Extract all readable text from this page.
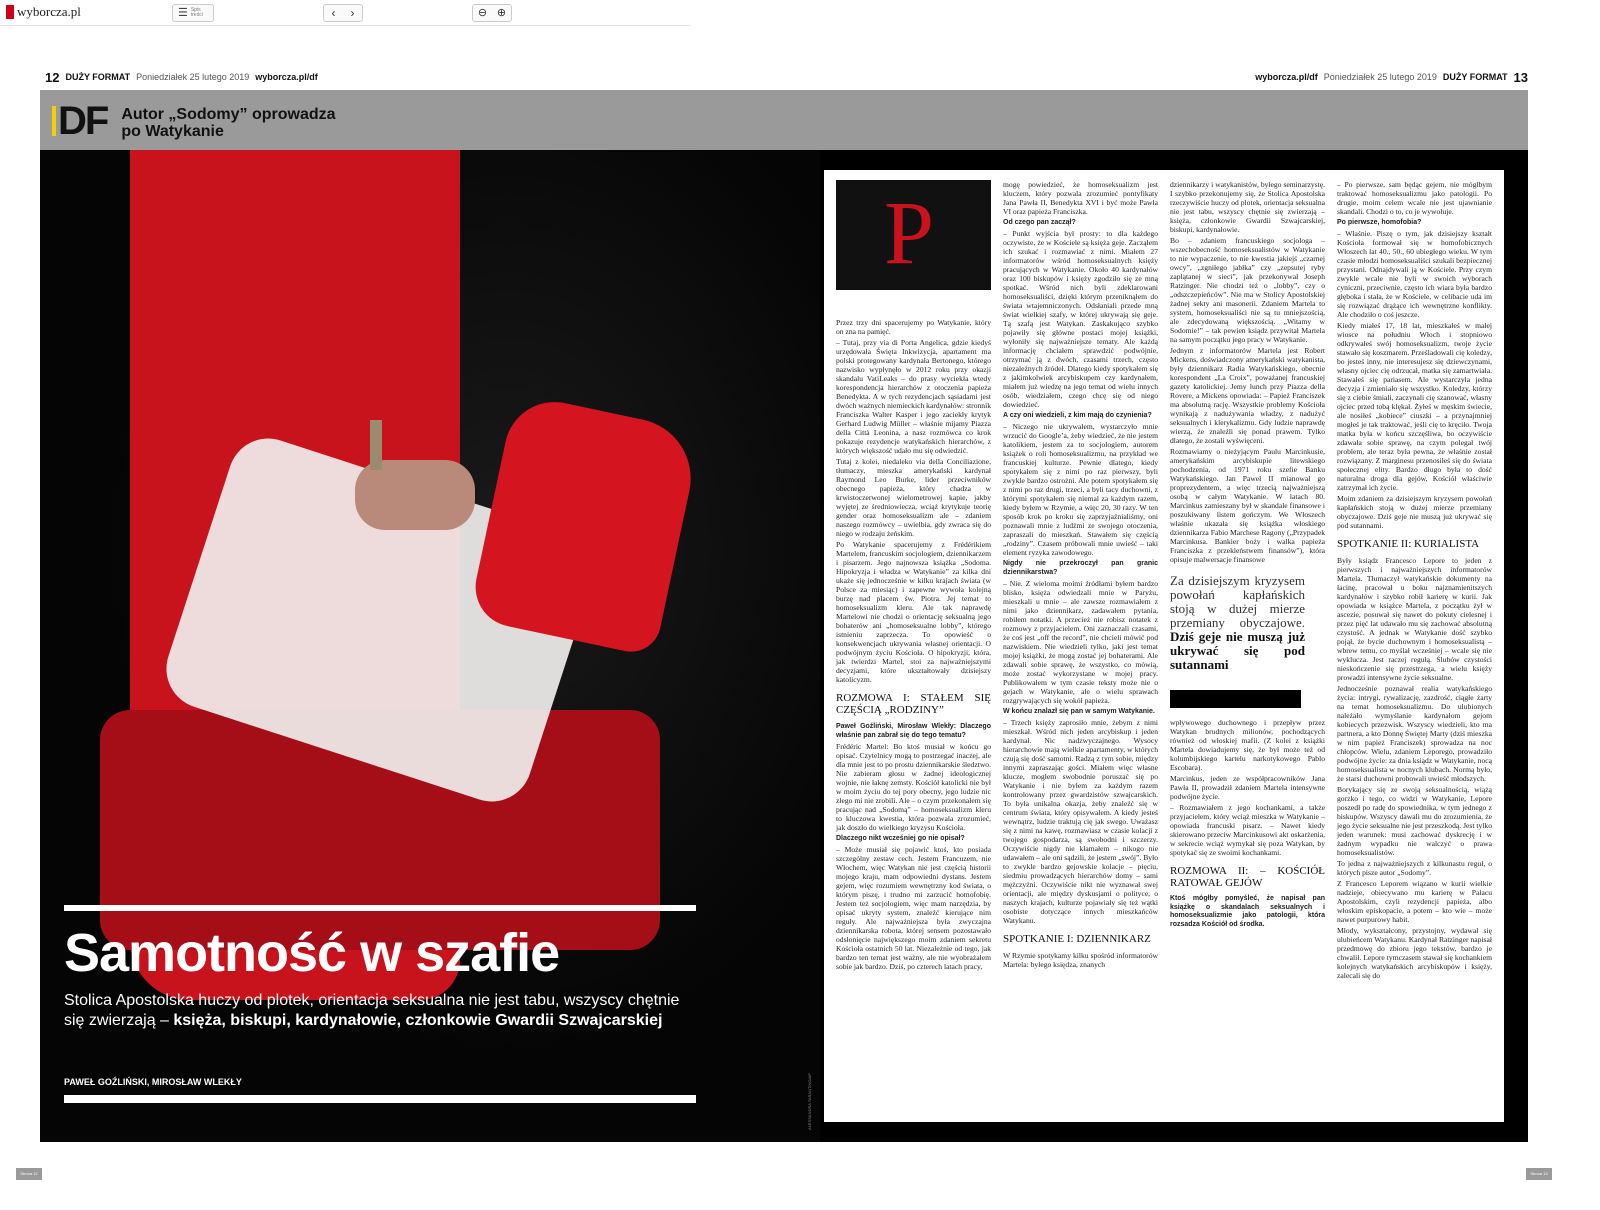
wyborcza.pl	☰ Spis treści	‹	›	⊖ ⊕
12 DUŻY FORMAT Poniedziałek 25 lutego 2019 wyborcza.pl/df	wyborcza.pl/df Poniedziałek 25 lutego 2019 DUŻY FORMAT 13
DF Autor „Sodomy” oprowadza po Watykanie
Samotność w szafie
Stolica Apostolska huczy od plotek, orientacja seksualna nie jest tabu, wszyscy chętnie się zwierzają – księża, biskupi, kardynałowie, członkowie Gwardii Szwajcarskiej
PAWEŁ GOŹLIŃSKI, MIROSŁAW WLEKŁY	ALESSANDRA TARANTINO/AP
P

Przez trzy dni spacerujemy po Watykanie, który on zna na pamięć.

– Tutaj, przy via di Porta Angelica, gdzie kiedyś urzędowała Święta Inkwizycja, apartament ma polski protegowany kardynała Bertonego, którego nazwisko wypłynęło w 2012 roku przy okazji skandalu VatiLeaks – do prasy wyciekła wtedy korespondencja hierarchów z otoczenia papieża Benedykta. A w tych rezydencjach sąsiadami jest dwóch ważnych niemieckich kardynałów: stronnik Franciszka Walter Kasper i jego zaciekły krytyk Gerhard Ludwig Müller – właśnie mijamy Piazza della Città Leonina, a nasz rozmówca co krok pokazuje rezydencje watykańskich hierarchów, z których większość udało mu się odwiedzić.

Tutaj z kolei, niedaleko via della Conciliazione, tłumaczy, mieszka amerykański kardynał Raymond Leo Burke, lider przeciwników obecnego papieża, który chadza w krwistoczerwonej wielometrowej kapie, jakby wyjętej ze średniowiecza, wciąż krytykuje teorię gender oraz homoseksualizm ale – zdaniem naszego rozmówcy – uwielbia, gdy zwraca się do niego w rodzaju żeńskim.

Po Watykanie spacerujemy z Frédérikiem Martelem, francuskim socjologiem, dziennikarzem i pisarzem. Jego najnowsza książka „Sodoma. Hipokryzja i władza w Watykanie” za kilka dni ukaże się jednocześnie w kilku krajach świata (w Polsce za miesiąc) i zapewne wywoła kolejną burzę nad placem św. Piotra. Jej temat to homoseksualizm kleru. Ale tak naprawdę Martelowi nie chodzi o orientację seksualną jego bohaterów ani „homoseksualne lobby”, którego istnieniu zaprzecza. To opowieść o konsekwencjach ukrywania własnej orientacji. O podwójnym życiu Kościoła. O hipokryzji, która, jak twierdzi Martel, stoi za najważniejszymi decyzjami, które ukształtowały dzisiejszy katolicyzm.

ROZMOWA I: STAŁEM SIĘ CZĘŚCIĄ „RODZINY”

Paweł Goźliński, Mirosław Wlekły: Dlaczego właśnie pan zabrał się do tego tematu?

Frédéric Martel: Bo ktoś musiał w końcu go opisać. Czytelnicy mogą to postrzegać inaczej, ale dla mnie jest to po prostu dziennikarskie śledztwo. Nie zabieram głosu w żadnej ideologicznej wojnie, nie łaknę zemsty. Kościół katolicki nie był w moim życiu do tej pory obecny, jego ludzie nic złego mi nie zrobili. Ale – o czym przekonałem się pracując nad „Sodomą” – homoseksualizm kleru to kluczowa kwestia, która pozwala zrozumieć, jak doszło do wielkiego kryzysu Kościoła.

Dlaczego nikt wcześniej go nie opisał?

– Może musiał się pojawić ktoś, kto posiada szczególny zestaw cech. Jestem Francuzem, nie Włochem, więc Watykan nie jest częścią historii mojego kraju, mam odpowiedni dystans. Jestem gejem, więc rozumiem wewnętrzny kod świata, o którym piszę, i trudno mi zarzucić homofobię. Jestem też socjologiem, więc mam narzędzia, by opisać ukryty system, znaleźć kierujące nim reguły. Ale najważniejsza była zwyczajna dziennikarska robota, której sensem pozostawało odsłonięcie największego moim zdaniem sekretu Kościoła ostatnich 50 lat. Niezależnie od tego, jak bardzo ten temat jest ważny, ale nie wyobrażałem sobie jak bardzo. Dziś, po czterech latach pracy,

mogę powiedzieć, że homoseksualizm jest kluczem, który pozwala zrozumieć pontyfikaty Jana Pawła II, Benedykta XVI i być może Pawła VI oraz papieża Franciszka.

Od czego pan zaczął?

– Punkt wyjścia był prosty: to dla każdego oczywiste, że w Kościele są księża geje. Zacząłem ich szukać i rozmawiać z nimi. Miałem 27 informatorów wśród homoseksualnych księży pracujących w Watykanie. Około 40 kardynałów oraz 100 biskupów i księży zgodziło się ze mną spotkać. Wśród nich byli zdeklarowani homoseksualiści, dzięki którym przeniknąłem do świata wtajemniczonych. Odsłaniali przede mną świat wielkiej szafy, w której ukrywają się geje. Tą szafą jest Watykan. Zaskakująco szybko pojawiły się główne postaci mojej książki, wyłoniły się najważniejsze tematy. Ale każdą informację chciałem sprawdzić podwójnie, otrzymać ją z dwóch, czasami trzech, często niezależnych źródeł. Dlatego kiedy spotykałem się z jakimkolwiek arcybiskupem czy kardynałem, miałem już wiedzę na jego temat od wielu innych osób, wiedziałem, czego chcę się od niego dowiedzieć.

A czy oni wiedzieli, z kim mają do czynienia?

– Niczego nie ukrywałem, wystarczyło mnie wrzucić do Google’a, żeby wiedzieć, że nie jestem katolikiem, jestem za to socjologiem, autorem książek o roli homoseksualizmu, na przykład we francuskiej kulturze. Pewnie dlatego, kiedy spotykałem się z nimi po raz pierwszy, byli zwykle bardzo ostrożni. Ale potem spotykałem się z nimi po raz drugi, trzeci, a byli tacy duchowni, z którymi spotykałem się niemal za każdym razem, kiedy byłem w Rzymie, a więc 20, 30 razy. W ten sposób krok po kroku się zaprzyjaźnialiśmy, oni poznawali mnie z ludźmi ze swojego otoczenia, zapraszali do mieszkań. Stawałem się częścią „rodziny”. Czasem próbowali mnie uwieść – taki element ryzyka zawodowego.

Nigdy nie przekroczył pan granic dziennikarstwa?

– Nie. Z wieloma moimi źródłami byłem bardzo blisko, księża odwiedzali mnie w Paryżu, mieszkali u mnie – ale zawsze rozmawiałem z nimi jako dziennikarz, zadawałem pytania, robiłem notatki. A przecież nie robisz notatek z rozmowy z przyjacielem. Oni zaznaczali czasami, że coś jest „off the record”, nie chcieli mówić pod nazwiskiem. Nie wiedzieli tylko, jaki jest temat mojej książki, że mogą zostać jej bohaterami. Ale zdawali sobie sprawę, że wszystko, co mówią, może zostać wykorzystane w mojej pracy. Publikowałem w tym czasie teksty może nie o gejach w Watykanie, ale o wielu sprawach rozgrywających się wokół papieża.

W końcu znalazł się pan w samym Watykanie.

– Trzech księży zaprosiło mnie, żebym z nimi mieszkał. Wśród nich jeden arcybiskup i jeden kardynał. Nic nadzwyczajnego. Wysocy hierarchowie mają wielkie apartamenty, w których czują się dość samotni. Radzą z tym sobie, między innymi zapraszając gości. Miałem więc własne klucze, mogłem swobodnie poruszać się po Watykanie i nie byłem za każdym razem kontrolowany przez gwardzistów szwajcarskich. To była unikalna okazja, żeby znaleźć się w centrum świata, który opisywałem. A kiedy jesteś wewnątrz, ludzie traktują cię jak swego. Uważasz się z nimi na kawę, rozmawiasz w czasie kolacji z twojego gospodarza, są swobodni i szczerzy. Oczywiście nigdy nie kłamałem – nikogo nie udawałem – ale oni sądzili, że jestem „swój”. Było to zwykle bardzo gejowskie kolacje – pięciu, siedmiu prowadzących hierarchów domy – sami mężczyźni. Oczywiście nikt nie wyznawał swej orientacji, ale między dyskusjami o polityce, o naszych krajach, kulturze pojawiały się też wątki osobiste dotyczące innych mieszkańców Watykanu.

SPOTKANIE I: DZIENNIKARZ

W Rzymie spotykamy kilku spośród informatorów Martela: byłego księdza, znanych

dziennikarzy i watykanistów, byłego seminarzystę. I szybko przekonujemy się, że Stolica Apostolska rzeczywiście huczy od plotek, orientacja seksualna nie jest tabu, wszyscy chętnie się zwierzają – księża, członkowie Gwardii Szwajcarskiej, biskupi, kardynałowie.

Bo – zdaniem francuskiego socjologa – wszechobecność homoseksualistów w Watykanie to nie wypaczenie, to nie kwestia jakiejś „czarnej owcy”, „zgniłego jabłka” czy „zepsutej ryby zaplątanej w sieci”, jak przekonywał Joseph Ratzinger. Nie chodzi też o „lobby”, czy o „odszczepieńców”. Nie ma w Stolicy Apostolskiej żadnej sekty ani masonerii. Zdaniem Martela to system, homoseksualiści nie są tu mniejszością, ale zdecydowaną większością. „Witamy w Sodomie!” – tak pewien ksiądz przywitał Martela na samym początku jego pracy w Watykanie.

Jednym z informatorów Martela jest Robert Mickens, doświadczony amerykański watykanista, były dziennikarz Radia Watykańskiego, obecnie korespondent „La Croix”, poważanej francuskiej gazety katolickiej. Jemy lunch przy Piazza della Rovere, a Mickens opowiada: – Papież Franciszek ma absolutną rację. Wszystkie problemy Kościoła wynikają z nadużywania władzy, z nadużyć seksualnych i klerykalizmu. Gdy ludzie naprawdę wierzą, że znaleźli się ponad prawem. Tylko dlatego, że zostali wyświęceni.

Rozmawiamy o nieżyjącym Paulu Marcinkusie, amerykańskim arcybiskupie litewskiego pochodzenia, od 1971 roku szefie Banku Watykańskiego. Jan Paweł II mianował go proprezydentem, a więc trzecią najważniejszą osobą w całym Watykanie. W latach 80. Marcinkus zamieszany był w skandale finansowe i poszukiwany listem gończym. We Włoszech właśnie ukazała się książka włoskiego dziennikarza Fabio Marchese Ragony („Przypadek Marcinkusa. Bankier boży i walka papieża Franciszka z przekleństwem finansów”), która opisuje malwersacje finansowe

Za dzisiejszym kryzysem powołań kapłańskich stoją w dużej mierze przemiany obyczajowe. Dziś geje nie muszą już ukrywać się pod sutannami

wpływowego duchownego i przepływ przez Watykan brudnych milionów, pochodzących również od włoskiej mafii. (Z kolei z książki Martela dowiadujemy się, że był może też od kolumbijskiego kartelu narkotykowego Pablo Escobara).

Marcinkus, jeden ze współpracowników Jana Pawła II, prowadził zdaniem Martela intensywne podwójne życie.

– Rozmawiałem z jego kochankami, a także przyjacielem, który wciąż mieszka w Watykanie – opowiada francuski pisarz. – Nawet kiedy skierowano przeciw Marcinkusowi akt oskarżenia, w sekrecie wciąż wymykał się poza Watykan, by spotykać się ze swoimi kochankami.

ROZMOWA II: – KOŚCIÓŁ RATOWAŁ GEJÓW

Ktoś mógłby pomyśleć, że napisał pan książkę o skandalach seksualnych i homoseksualizmie jako patologii, która rozsadza Kościół od środka.

– Po pierwsze, sam będąc gejem, nie mógłbym traktować homoseksualizmu jako patologii. Po drugie, moim celem wcale nie jest ujawnianie skandali. Chodzi o to, co je wywołuje.

Po pierwsze, homofobia?

– Właśnie. Piszę o tym, jak dzisiejszy kształt Kościoła formował się w homofobicznych Włoszech lat 40., 50., 60 ubiegłego wieku. W tym czasie młodzi homoseksualiści szukali bezpiecznej przystani. Odnajdywali ją w Kościele. Przy czym zwykle wcale nie byli w swoich wyborach cyniczni, przeciwnie, często ich wiara była bardzo głęboka i stała, że w Kościele, w celibacie uda im się rozwiązać drążące ich wewnętrzne konflikty. Ale chodziło o coś jeszcze.

Kiedy miałeś 17, 18 lat, mieszkałeś w małej wiosce na południu Włoch i stopniowo odkrywałeś swój homoseksualizm, twoje życie stawało się koszmarem. Prześladowali cię koledzy, bo jesteś inny, nie interesujesz się dziewczynami, własny ojciec cię odrzucał, matka się zamartwiała. Stawałeś się pariasem. Ale wystarczyła jedna decyzja i zmieniało się wszystko. Koledzy, którzy się z ciebie śmiali, zaczynali cię szanować, własny ojciec przed tobą klękał. Żyłeś w męskim świecie, ale nosiłeś „kobiece” ciuszki – a przynajmniej mogłeś je tak traktować, jeśli cię to kręciło. Twoja matka była w końcu szczęśliwa, bo oczywiście zdawała sobie sprawę, na czym polegał twój problem, ale teraz była pewna, że właśnie został rozwiązany. Z marginesu przenosiłeś się do świata społecznej elity. Bardzo długo była to dość naturalna droga dla gejów, Kościół właściwie zatrzymał ich życie.

Moim zdaniem za dzisiejszym kryzysem powołań kapłańskich stoją w dużej mierze przemiany obyczajowe. Dziś geje nie muszą już ukrywać się pod sutannami.

SPOTKANIE II: KURIALISTA

Były ksiądz Francesco Lepore to jeden z pierwszych i najważniejszych informatorów Martela. Tłumaczył watykańskie dokumenty na łacinę, pracował u boku najznamienitszych kardynałów i szybko robił karierę w kurii. Jak opowiada w książce Martela, z początku żył w ascezie, posuwał się nawet do pokuty cielesnej i przez pięć lat udawało mu się zachować absolutną czystość. A jednak w Watykanie dość szybko pojął, że bycie duchownym i homoseksualistą – wbrew temu, co myślał wcześniej – wcale się nie wyklucza. Jest raczej regułą. Ślubów czystości nieskończenie się przestrzega, a wielu księży prowadzi intensywne życie seksualne.

Jednocześnie poznawał realia watykańskiego życia: intrygi, rywalizację, zazdrość, ciągłe żarty na temat homoseksualizmu. Do ulubionych należało wymyślanie kardynałom gejom kobiecych przezwisk. Wszyscy wiedzieli, kto ma partnera, a kto Donnę Świętej Marty (dziś mieszka w nim papież Franciszek) sprowadza na noc chłopców. Wielu, zdaniem Leporego, prowadziło podwójne życie: za dnia ksiądz w Watykanie, nocą homoseksualista w nocnych klubach. Normą było, że starsi duchowni probowali uwieść młodszych.

Borykający się ze swoją seksualnością, wiążą gorzko i tego, co widzi w Watykanie, Lepore poszedł po radę do spowiednika, w tym jednego z biskupów. Wszyscy dawali mu do zrozumienia, że jego życie seksualne nie jest przeszkodą. Jest tylko jeden warunek: musi zachować dyskrecję i w żadnym wypadku nie walczyć o prawa homoseksualistów.

To jedna z najważniejszych z kilkunastu reguł, o których pisze autor „Sodomy”.

Z Francesco Leporem wiązano w kurii wielkie nadzieje, obiecywano mu karierę w Pałacu Apostolskim, czyli rezydencji papieża, albo włoskim episkopacie, a potem – kto wie – może nawet purpurowy habit.

Młody, wykształcony, przystojny, wydawał się ulubieńcem Watykanu. Kardynał Ratzinger napisał przedmowę do zbioru jego tekstów, bardzo je chwalił. Lepore tymczasem stawał się kochankiem kolejnych watykańskich arcybiskupów i księży, zalecali się do

Strona 12	Strona 13
